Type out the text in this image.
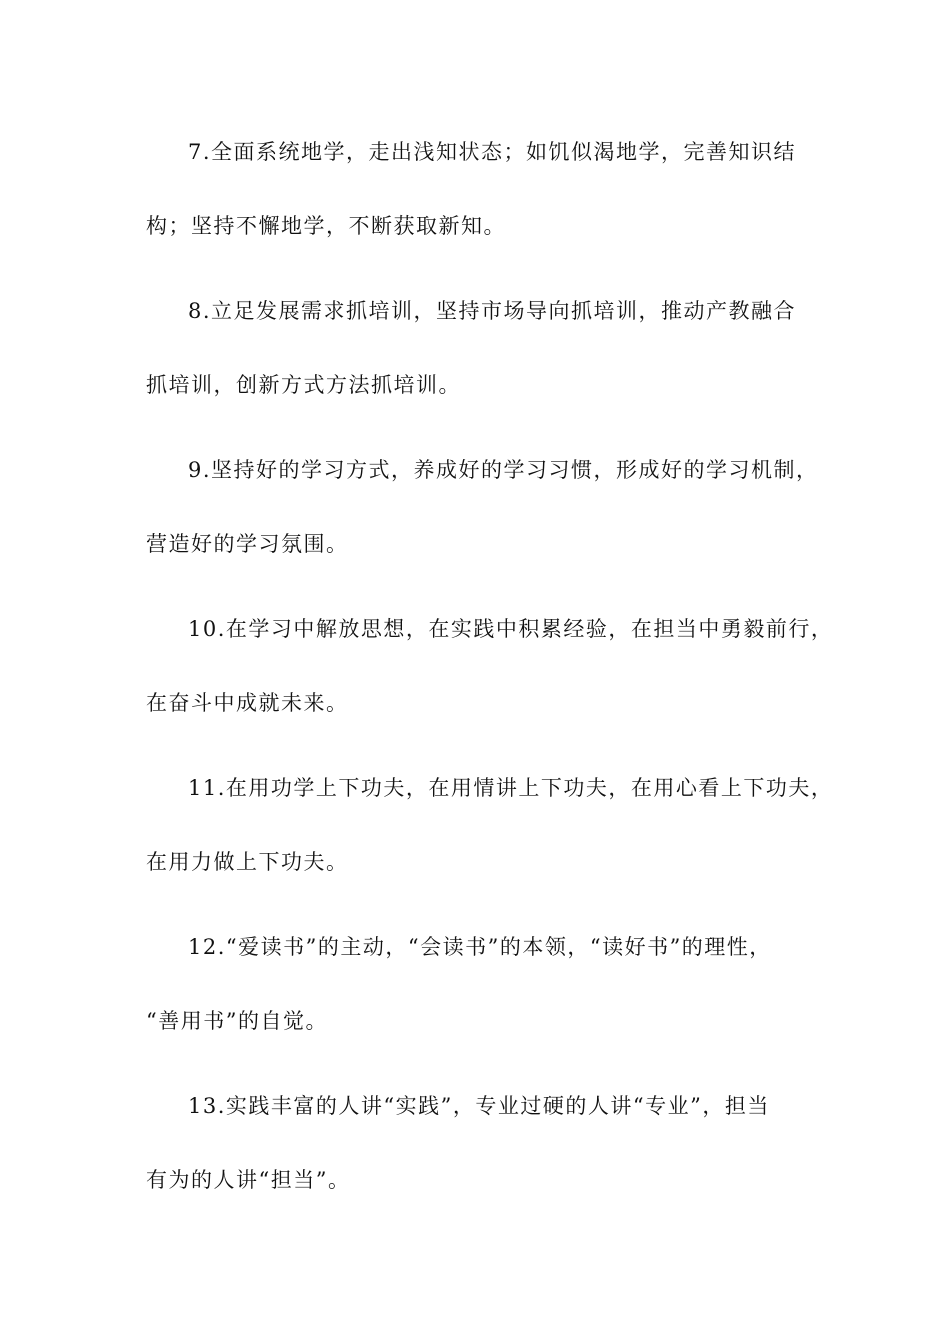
7.全面系统地学，走出浅知状态；如饥似渴地学，完善知识结
构；坚持不懈地学，不断获取新知。
8.立足发展需求抓培训，坚持市场导向抓培训，推动产教融合
抓培训，创新方式方法抓培训。
9.坚持好的学习方式，养成好的学习习惯，形成好的学习机制，
营造好的学习氛围。
10.在学习中解放思想，在实践中积累经验，在担当中勇毅前行，
在奋斗中成就未来。
11.在用功学上下功夫，在用情讲上下功夫，在用心看上下功夫，
在用力做上下功夫。
12.“爱读书”的主动，“会读书”的本领，“读好书”的理性，
“善用书”的自觉。
13.实践丰富的人讲“实践”，专业过硬的人讲“专业”，担当
有为的人讲“担当”。
